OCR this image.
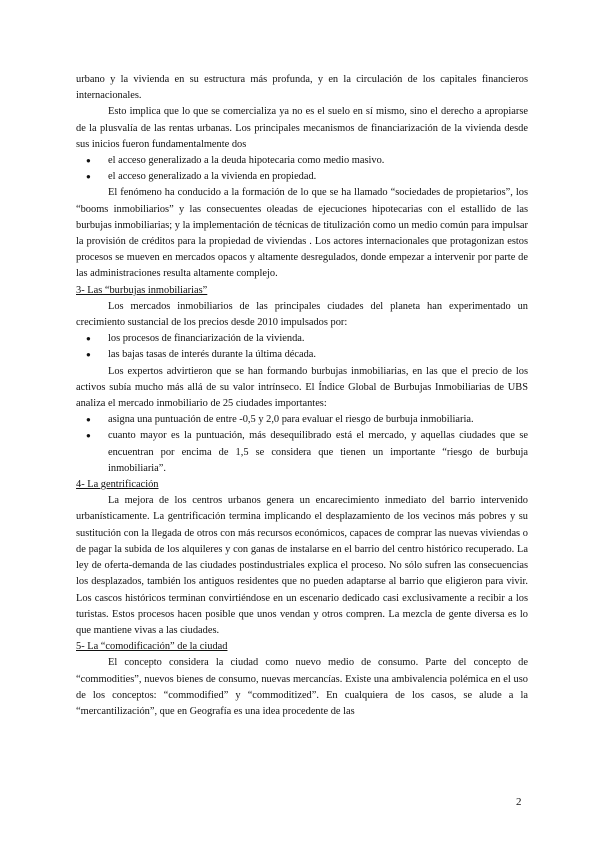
urbano y la vivienda en su estructura más profunda, y en la circulación de los capitales financieros internacionales.

Esto implica que lo que se comercializa ya no es el suelo en sí mismo, sino el derecho a apropiarse de la plusvalía de las rentas urbanas. Los principales mecanismos de financiarización de la vivienda desde sus inicios fueron fundamentalmente dos

● el acceso generalizado a la deuda hipotecaria como medio masivo.
● el acceso generalizado a la vivienda en propiedad.

El fenómeno ha conducido a la formación de lo que se ha llamado “sociedades de propietarios”, los “booms inmobiliarios” y las consecuentes oleadas de ejecuciones hipotecarias con el estallido de las burbujas inmobiliarias; y la implementación de técnicas de titulización como un medio común para impulsar la provisión de créditos para la propiedad de viviendas . Los actores internacionales que protagonizan estos procesos se mueven en mercados opacos y altamente desregulados, donde empezar a intervenir por parte de las administraciones resulta altamente complejo.

3- Las “burbujas inmobiliarias”

Los mercados inmobiliarios de las principales ciudades del planeta han experimentado un crecimiento sustancial de los precios desde 2010 impulsados por:

● los procesos de financiarización de la vivienda.
● las bajas tasas de interés durante la última década.

Los expertos advirtieron que se han formando burbujas inmobiliarias, en las que el precio de los activos subía mucho más allá de su valor intrínseco. El Índice Global de Burbujas Inmobiliarias de UBS analiza el mercado inmobiliario de 25 ciudades importantes:

● asigna una puntuación de entre -0,5 y 2,0 para evaluar el riesgo de burbuja inmobiliaria.
● cuanto mayor es la puntuación, más desequilibrado está el mercado, y aquellas ciudades que se encuentran por encima de 1,5 se considera que tienen un importante “riesgo de burbuja inmobiliaria”.
4- La gentrificación

La mejora de los centros urbanos genera un encarecimiento inmediato del barrio intervenido urbanísticamente. La gentrificación termina implicando el desplazamiento de los vecinos más pobres y su sustitución con la llegada de otros con más recursos económicos, capaces de comprar las nuevas viviendas o de pagar la subida de los alquileres y con ganas de instalarse en el barrio del centro histórico recuperado. La ley de oferta-demanda de las ciudades postindustriales explica el proceso. No sólo sufren las consecuencias los desplazados, también los antiguos residentes que no pueden adaptarse al barrio que eligieron para vivir. Los cascos históricos terminan convirtiéndose en un escenario dedicado casi exclusivamente a recibir a los turistas. Estos procesos hacen posible que unos vendan y otros compren. La mezcla de gente diversa es lo que mantiene vivas a las ciudades.

5- La “comodificación” de la ciudad

El concepto considera la ciudad como nuevo medio de consumo. Parte del concepto de “commodities”, nuevos bienes de consumo, nuevas mercancías. Existe una ambivalencia polémica en el uso de los conceptos: “commodified” y “commoditized”. En cualquiera de los casos, se alude a la “mercantilización”, que en Geografía es una idea procedente de las

2
